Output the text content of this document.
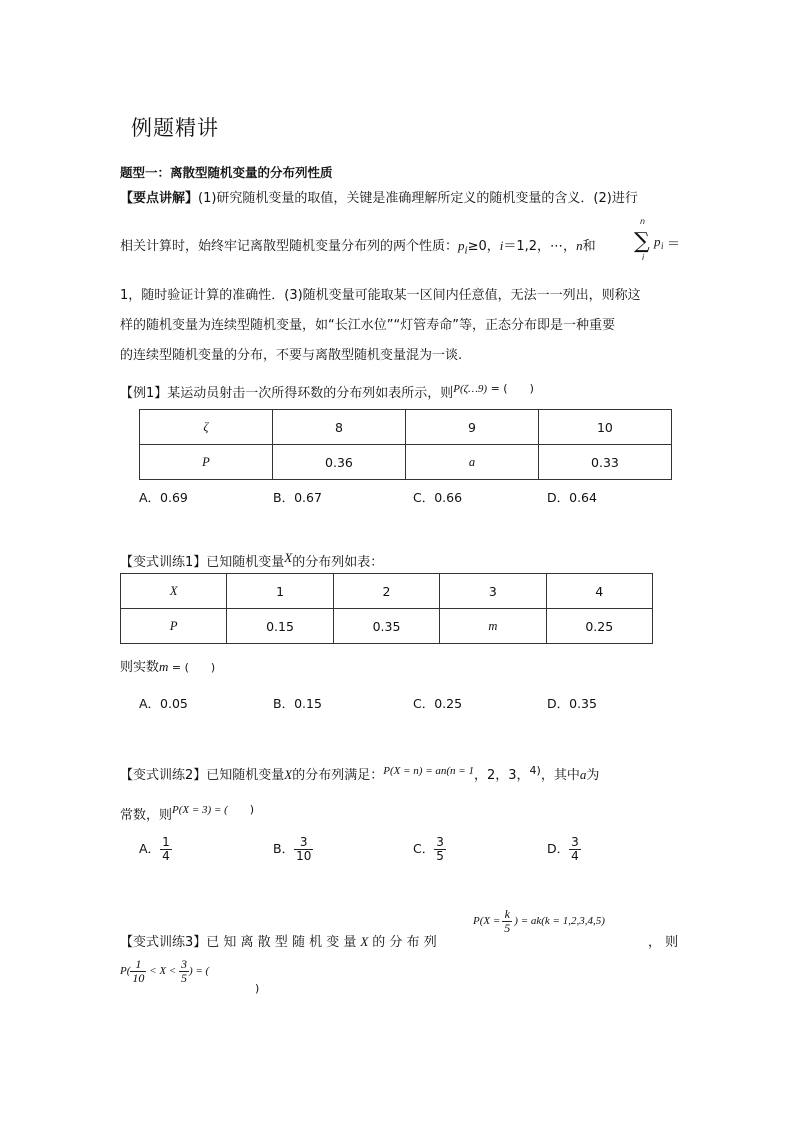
例题精讲
题型一：离散型随机变量的分布列性质
【要点讲解】(1)研究随机变量的取值，关键是准确理解所定义的随机变量的含义．(2)进行
相关计算时，始终牢记离散型随机变量分布列的两个性质：$p_i\ge 0$，i＝1,2，⋯，n和
n
∑
i
p i ＝
1，随时验证计算的准确性．(3)随机变量可能取某一区间内任意值，无法一一列出，则称这
样的随机变量为连续型随机变量，如“长江水位”“灯管寿命”等，正态分布即是一种重要
的连续型随机变量的分布，不要与离散型随机变量混为一谈.
【例1】某运动员射击一次所得环数的分布列如表所示，则$^{P(\zeta\dots 9)}$ = (　　)
ζ	8	9	10
P	0.36	a	0.33
A．0.69	B．0.67	C．0.66	D．0.64
【变式训练1】已知随机变量X的分布列如表：
X	1	2	3	4
P	0.15	0.35	m	0.25
则实数m = (　　)
A．0.05	B．0.15	C．0.25	D．0.35
【变式训练2】已知随机变量X的分布列满足：$^{P(X = n) = an(n = 1}$，2，3，$^{4)}$，其中a为
常数，则$^{P(X = 3) = (}$　　)
A． $\frac{1}{4}$	B． $\frac{3}{10}$	C． $\frac{3}{5}$	D． $\frac{3}{4}$
【变式训练3】已 知 离 散 型 随 机 变 量 X 的 分 布 列
$P(X = \frac{k}{5}$ ) = ak(k = 1,2,3,4,5)
， 则
$P( \frac{1}{10} < X < \frac{3}{5}$ ) = (
)
